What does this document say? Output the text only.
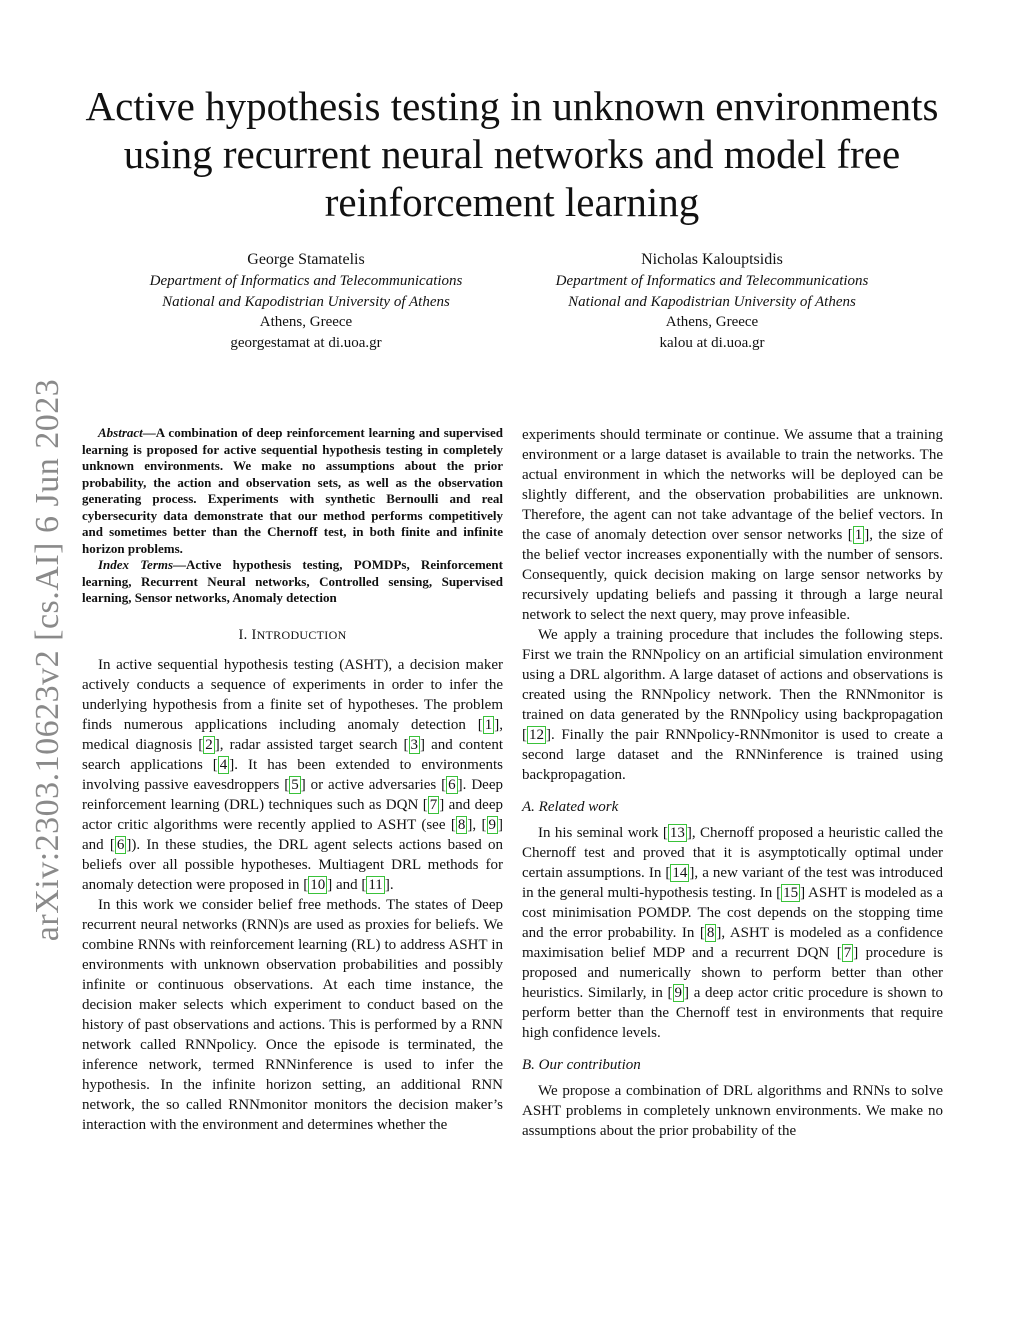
arXiv:2303.10623v2 [cs.AI] 6 Jun 2023
Active hypothesis testing in unknown environments using recurrent neural networks and model free reinforcement learning
George Stamatelis
Department of Informatics and Telecommunications
National and Kapodistrian University of Athens
Athens, Greece
georgestamat at di.uoa.gr
Nicholas Kalouptsidis
Department of Informatics and Telecommunications
National and Kapodistrian University of Athens
Athens, Greece
kalou at di.uoa.gr

Abstract—A combination of deep reinforcement learning and supervised learning is proposed for active sequential hypothesis testing in completely unknown environments. We make no assumptions about the prior probability, the action and observation sets, as well as the observation generating process. Experiments with synthetic Bernoulli and real cybersecurity data demonstrate that our method performs competitively and sometimes better than the Chernoff test, in both finite and infinite horizon problems.

Index Terms—Active hypothesis testing, POMDPs, Reinforcement learning, Recurrent Neural networks, Controlled sensing, Supervised learning, Sensor networks, Anomaly detection

I. INTRODUCTION

In active sequential hypothesis testing (ASHT), a decision maker actively conducts a sequence of experiments in order to infer the underlying hypothesis from a finite set of hypotheses. The problem finds numerous applications including anomaly detection [ 1 ], medical diagnosis [ 2 ], radar assisted target search [ 3 ] and content search applications [ 4 ]. It has been extended to environments involving passive eavesdroppers [ 5 ] or active adversaries [ 6 ]. Deep reinforcement learning (DRL) techniques such as DQN [ 7 ] and deep actor critic algorithms were recently applied to ASHT (see [ 8 ], [ 9 ] and [ 6 ]). In these studies, the DRL agent selects actions based on beliefs over all possible hypotheses. Multiagent DRL methods for anomaly detection were proposed in [ 10 ] and [ 11 ].

In this work we consider belief free methods. The states of Deep recurrent neural networks (RNN)s are used as proxies for beliefs. We combine RNNs with reinforcement learning (RL) to address ASHT in environments with unknown observation probabilities and possibly infinite or continuous observations. At each time instance, the decision maker selects which experiment to conduct based on the history of past observations and actions. This is performed by a RNN network called RNNpolicy. Once the episode is terminated, the inference network, termed RNNinference is used to infer the hypothesis. In the infinite horizon setting, an additional RNN network, the so called RNNmonitor monitors the decision maker’s interaction with the environment and determines whether the

experiments should terminate or continue. We assume that a training environment or a large dataset is available to train the networks. The actual environment in which the networks will be deployed can be slightly different, and the observation probabilities are unknown. Therefore, the agent can not take advantage of the belief vectors. In the case of anomaly detection over sensor networks [ 1 ], the size of the belief vector increases exponentially with the number of sensors. Consequently, quick decision making on large sensor networks by recursively updating beliefs and passing it through a large neural network to select the next query, may prove infeasible.

We apply a training procedure that includes the following steps. First we train the RNNpolicy on an artificial simulation environment using a DRL algorithm. A large dataset of actions and observations is created using the RNNpolicy network. Then the RNNmonitor is trained on data generated by the RNNpolicy using backpropagation [ 12 ]. Finally the pair RNNpolicy-RNNmonitor is used to create a second large dataset and the RNNinference is trained using backpropagation.

A. Related work

In his seminal work [ 13 ], Chernoff proposed a heuristic called the Chernoff test and proved that it is asymptotically optimal under certain assumptions. In [ 14 ], a new variant of the test was introduced in the general multi-hypothesis testing. In [ 15 ] ASHT is modeled as a cost minimisation POMDP. The cost depends on the stopping time and the error probability. In [ 8 ], ASHT is modeled as a confidence maximisation belief MDP and a recurrent DQN [ 7 ] procedure is proposed and numerically shown to perform better than other heuristics. Similarly, in [ 9 ] a deep actor critic procedure is shown to perform better than the Chernoff test in environments that require high confidence levels.

B. Our contribution

We propose a combination of DRL algorithms and RNNs to solve ASHT problems in completely unknown environments. We make no assumptions about the prior probability of the
